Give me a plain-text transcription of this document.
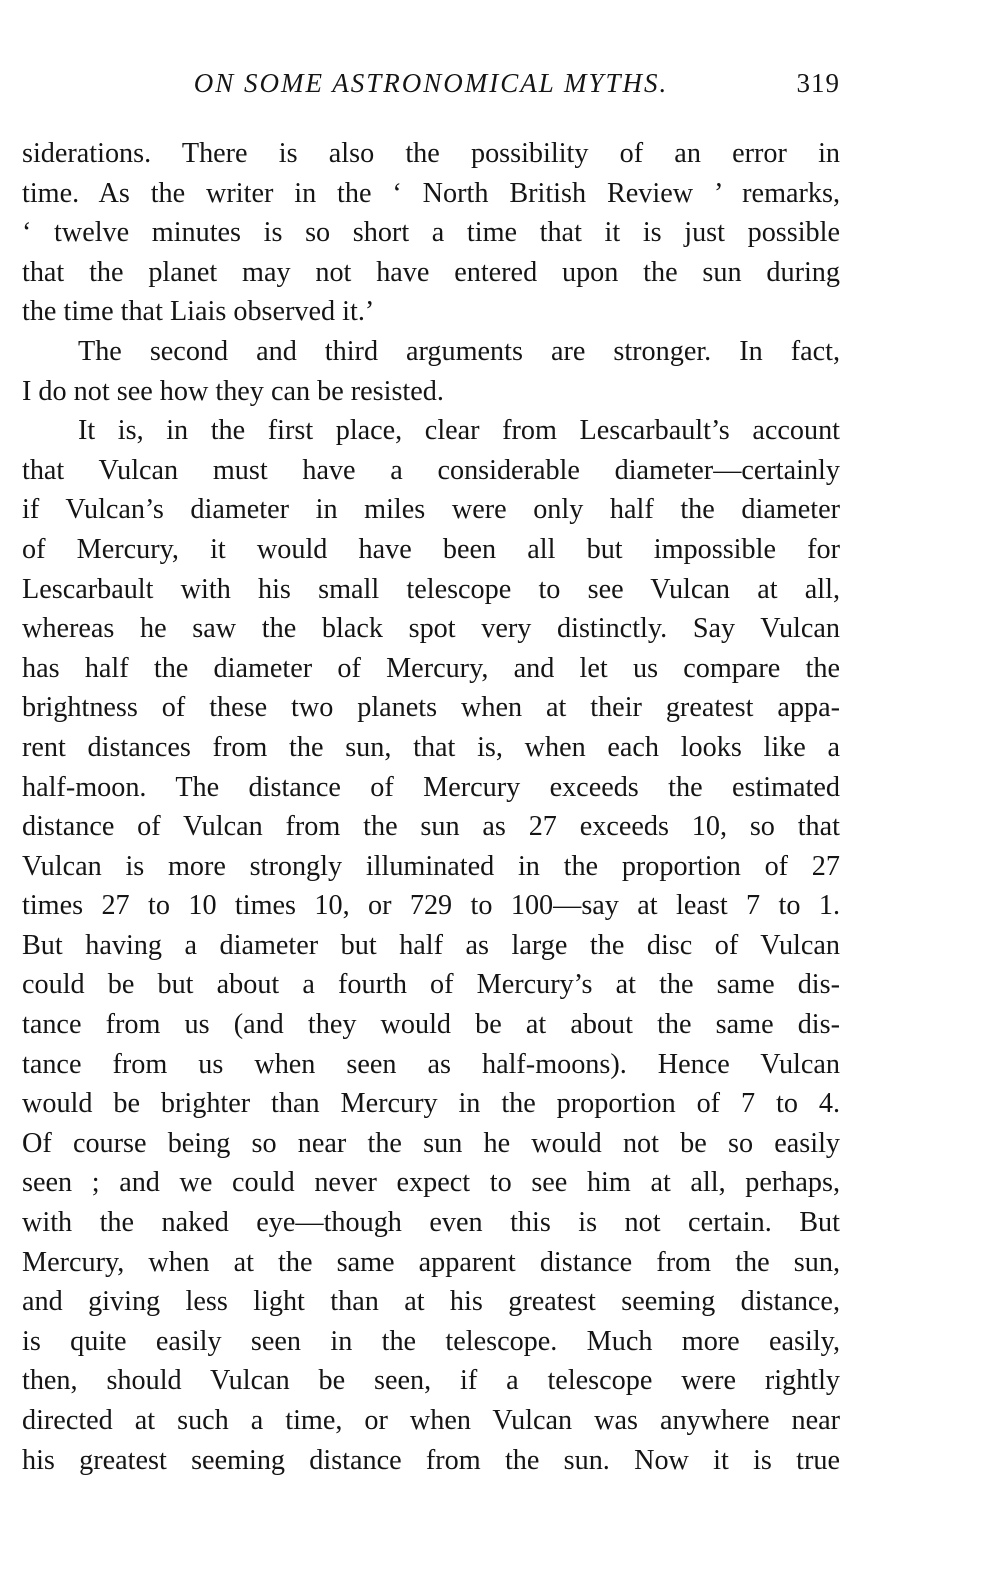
ON SOME ASTRONOMICAL MYTHS.	319
siderations. There is also the possibility of an error in
time. As the writer in the ‘ North British Review ’ remarks,
‘ twelve minutes is so short a time that it is just possible
that the planet may not have entered upon the sun during
the time that Liais observed it.’
The second and third arguments are stronger. In fact,
I do not see how they can be resisted.
It is, in the first place, clear from Lescarbault’s account
that Vulcan must have a considerable diameter—certainly
if Vulcan’s diameter in miles were only half the diameter
of Mercury, it would have been all but impossible for
Lescarbault with his small telescope to see Vulcan at all,
whereas he saw the black spot very distinctly. Say Vulcan
has half the diameter of Mercury, and let us compare the
brightness of these two planets when at their greatest appa-
rent distances from the sun, that is, when each looks like a
half-moon. The distance of Mercury exceeds the estimated
distance of Vulcan from the sun as 27 exceeds 10, so that
Vulcan is more strongly illuminated in the proportion of 27
times 27 to 10 times 10, or 729 to 100—say at least 7 to 1.
But having a diameter but half as large the disc of Vulcan
could be but about a fourth of Mercury’s at the same dis-
tance from us (and they would be at about the same dis-
tance from us when seen as half-moons). Hence Vulcan
would be brighter than Mercury in the proportion of 7 to 4.
Of course being so near the sun he would not be so easily
seen ; and we could never expect to see him at all, perhaps,
with the naked eye—though even this is not certain. But
Mercury, when at the same apparent distance from the sun,
and giving less light than at his greatest seeming distance,
is quite easily seen in the telescope. Much more easily,
then, should Vulcan be seen, if a telescope were rightly
directed at such a time, or when Vulcan was anywhere near
his greatest seeming distance from the sun. Now it is true
